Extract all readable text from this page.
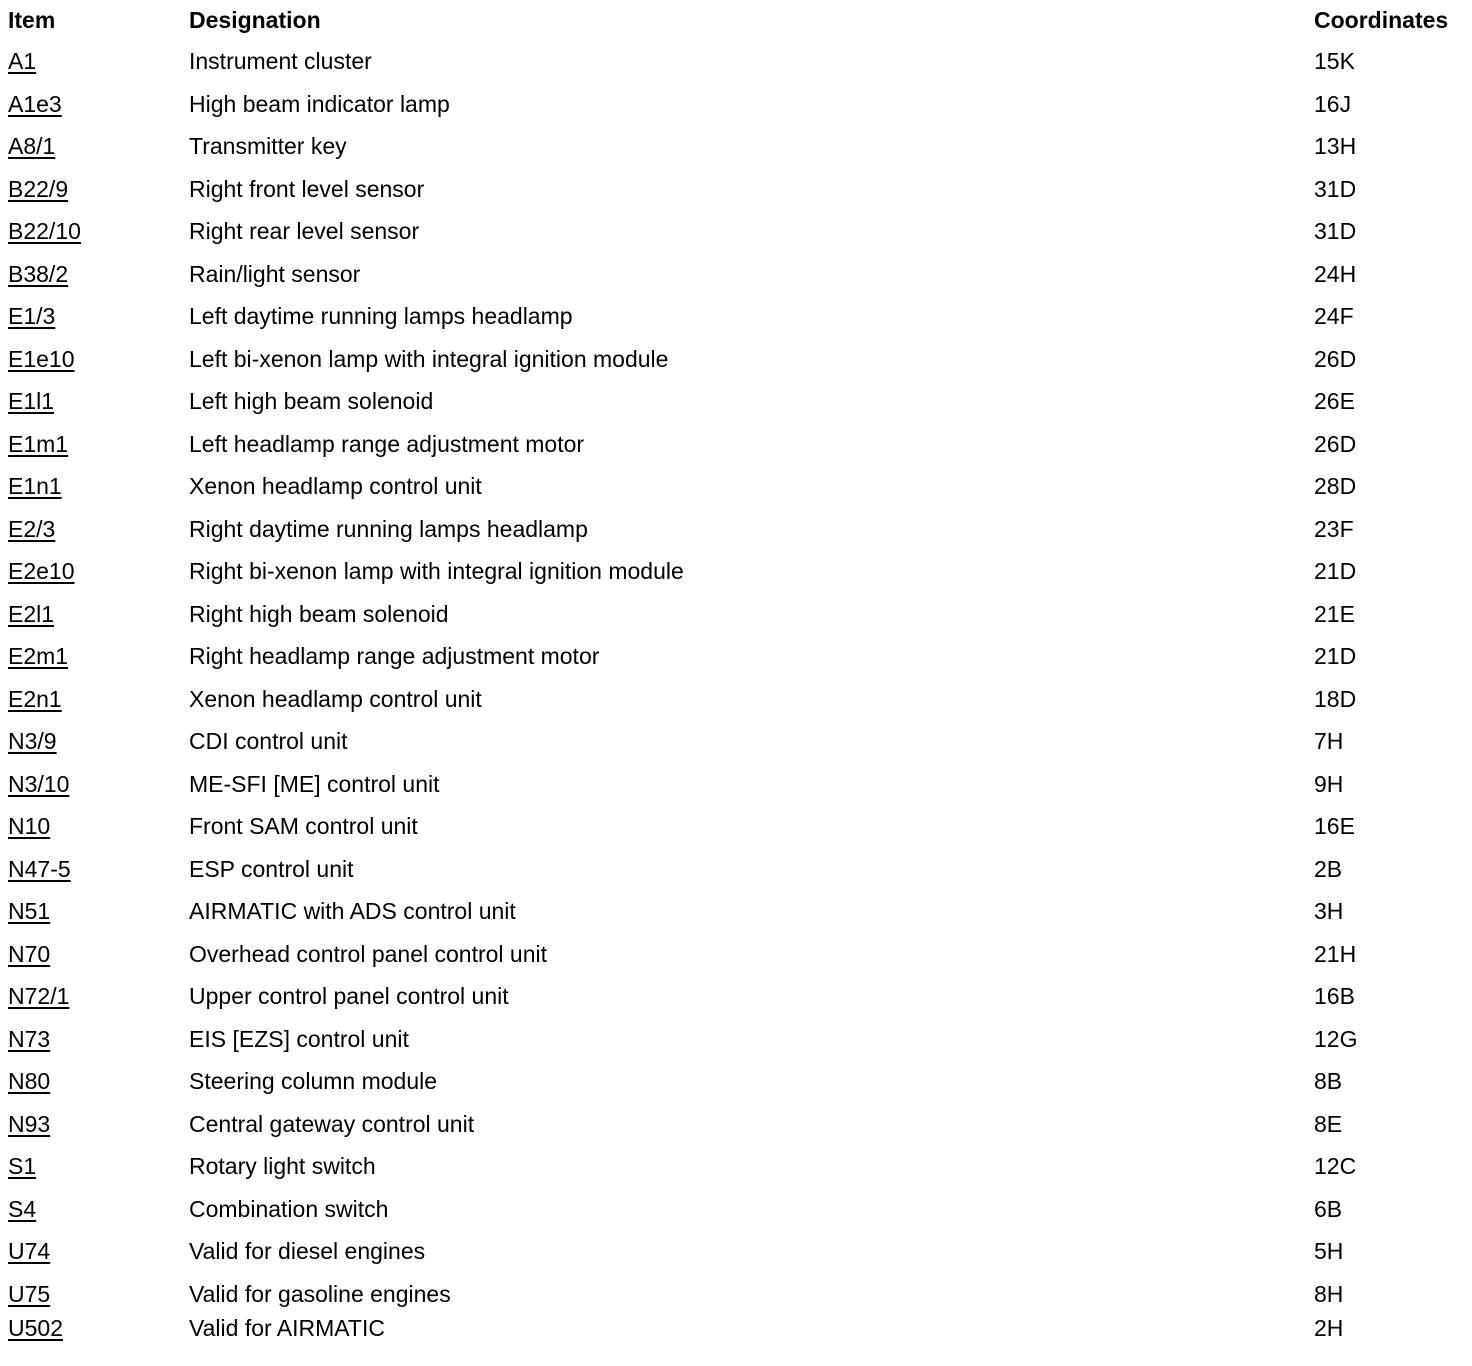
Item	Designation	Coordinates
A1	Instrument cluster	15K
A1e3	High beam indicator lamp	16J
A8/1	Transmitter key	13H
B22/9	Right front level sensor	31D
B22/10	Right rear level sensor	31D
B38/2	Rain/light sensor	24H
E1/3	Left daytime running lamps headlamp	24F
E1e10	Left bi-xenon lamp with integral ignition module	26D
E1l1	Left high beam solenoid	26E
E1m1	Left headlamp range adjustment motor	26D
E1n1	Xenon headlamp control unit	28D
E2/3	Right daytime running lamps headlamp	23F
E2e10	Right bi-xenon lamp with integral ignition module	21D
E2l1	Right high beam solenoid	21E
E2m1	Right headlamp range adjustment motor	21D
E2n1	Xenon headlamp control unit	18D
N3/9	CDI control unit	7H
N3/10	ME-SFI [ME] control unit	9H
N10	Front SAM control unit	16E
N47-5	ESP control unit	2B
N51	AIRMATIC with ADS control unit	3H
N70	Overhead control panel control unit	21H
N72/1	Upper control panel control unit	16B
N73	EIS [EZS] control unit	12G
N80	Steering column module	8B
N93	Central gateway control unit	8E
S1	Rotary light switch	12C
S4	Combination switch	6B
U74	Valid for diesel engines	5H
U75	Valid for gasoline engines	8H
U502	Valid for AIRMATIC	2H
